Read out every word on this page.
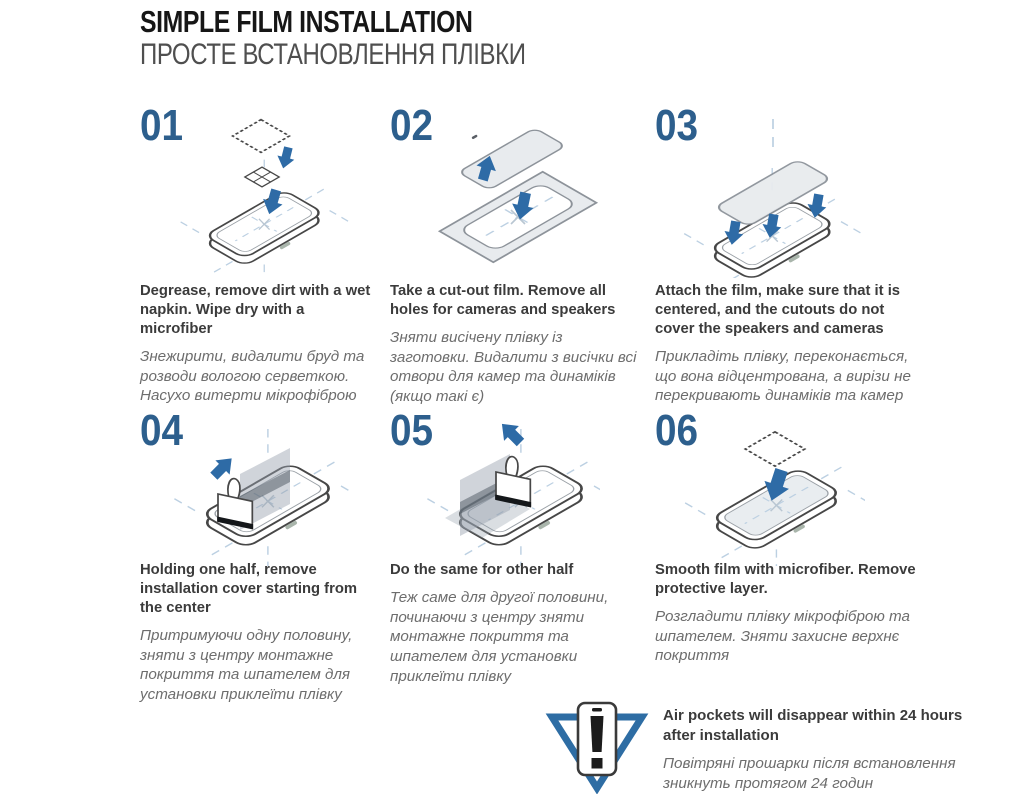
SIMPLE FILM INSTALLATION
ПРОСТЕ ВСТАНОВЛЕННЯ ПЛІВКИ
01

Degrease, remove dirt with a wet napkin. Wipe dry with a microfiber

Знежирити, видалити бруд та розводи вологою серветкою. Насухо витерти мікрофіброю

02

Take a cut-out film. Remove all holes for cameras and speakers

Зняти висічену плівку із заготовки. Видалити з висічки всі отвори для камер та динаміків (якщо такі є)

03

Attach the film, make sure that it is centered, and the cutouts do not cover the speakers and cameras

Прикладіть плівку, переконається, що вона відцентрована, а вирізи не перекривають динаміків та камер

04

Holding one half, remove installation cover starting from the center

Притримуючи одну половину, зняти з центру монтажне покриття та шпателем для установки приклеїти плівку

05

Do the same for other half

Теж саме для другої половини, починаючи з центру зняти монтажне покриття та шпателем для установки приклеїти плівку

06

Smooth film with microfiber. Remove protective layer.

Розгладити плівку мікрофіброю та шпателем. Зняти захисне верхнє покриття

Air pockets will disappear within 24 hours after installation

Повітряні прошарки після встановлення зникнуть протягом 24 годин
